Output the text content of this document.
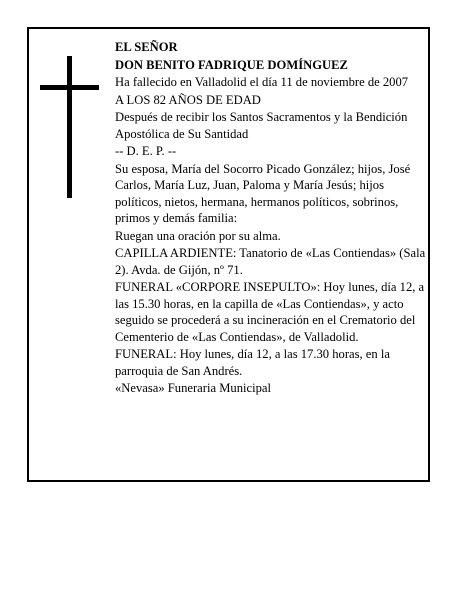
EL SEÑOR

DON BENITO FADRIQUE DOMÍNGUEZ

Ha fallecido en Valladolid el día 11 de noviembre de 2007

A LOS 82 AÑOS DE EDAD

Después de recibir los Santos Sacramentos y la Bendición Apostólica de Su Santidad

-- D. E. P. --

Su esposa, María del Socorro Picado González; hijos, José Carlos, María Luz, Juan, Paloma y María Jesús; hijos políticos, nietos, hermana, hermanos políticos, sobrinos, primos y demás familia:

Ruegan una oración por su alma.

CAPILLA ARDIENTE: Tanatorio de «Las Contiendas» (Sala 2). Avda. de Gijón, nº 71.

FUNERAL «CORPORE INSEPULTO»: Hoy lunes, día 12, a las 15.30 horas, en la capilla de «Las Contiendas», y acto seguido se procederá a su incineración en el Crematorio del Cementerio de «Las Contiendas», de Valladolid.

FUNERAL: Hoy lunes, día 12, a las 17.30 horas, en la parroquia de San Andrés.

«Nevasa» Funeraria Municipal
